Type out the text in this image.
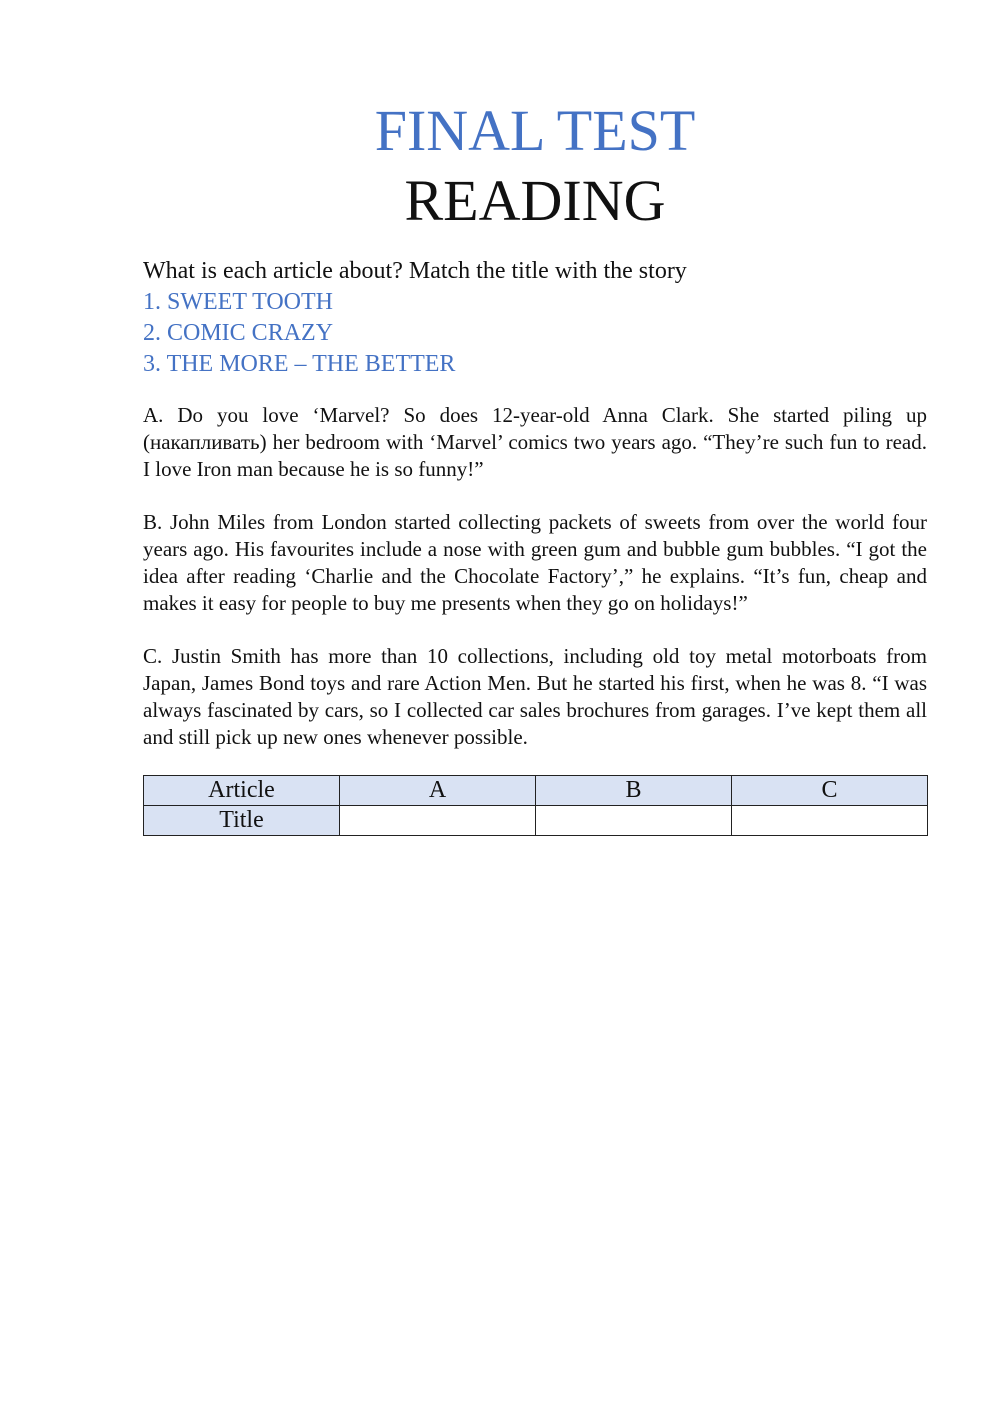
FINAL TEST
READING

What is each article about? Match the title with the story

1. SWEET TOOTH
2. COMIC CRAZY
3. THE MORE – THE BETTER

A. Do you love ‘Marvel? So does 12-year-old Anna Clark. She started piling up (накапливать) her bedroom with ‘Marvel’ comics two years ago. “They’re such fun to read. I love Iron man because he is so funny!”

B. John Miles from London started collecting packets of sweets from over the world four years ago. His favourites include a nose with green gum and bubble gum bubbles. “I got the idea after reading ‘Charlie and the Chocolate Factory’,” he explains. “It’s fun, cheap and makes it easy for people to buy me presents when they go on holidays!”

C. Justin Smith has more than 10 collections, including old toy metal motorboats from Japan, James Bond toys and rare Action Men. But he started his first, when he was 8. “I was always fascinated by cars, so I collected car sales brochures from garages. I’ve kept them all and still pick up new ones whenever possible.

Article	A	B	C
Title			
